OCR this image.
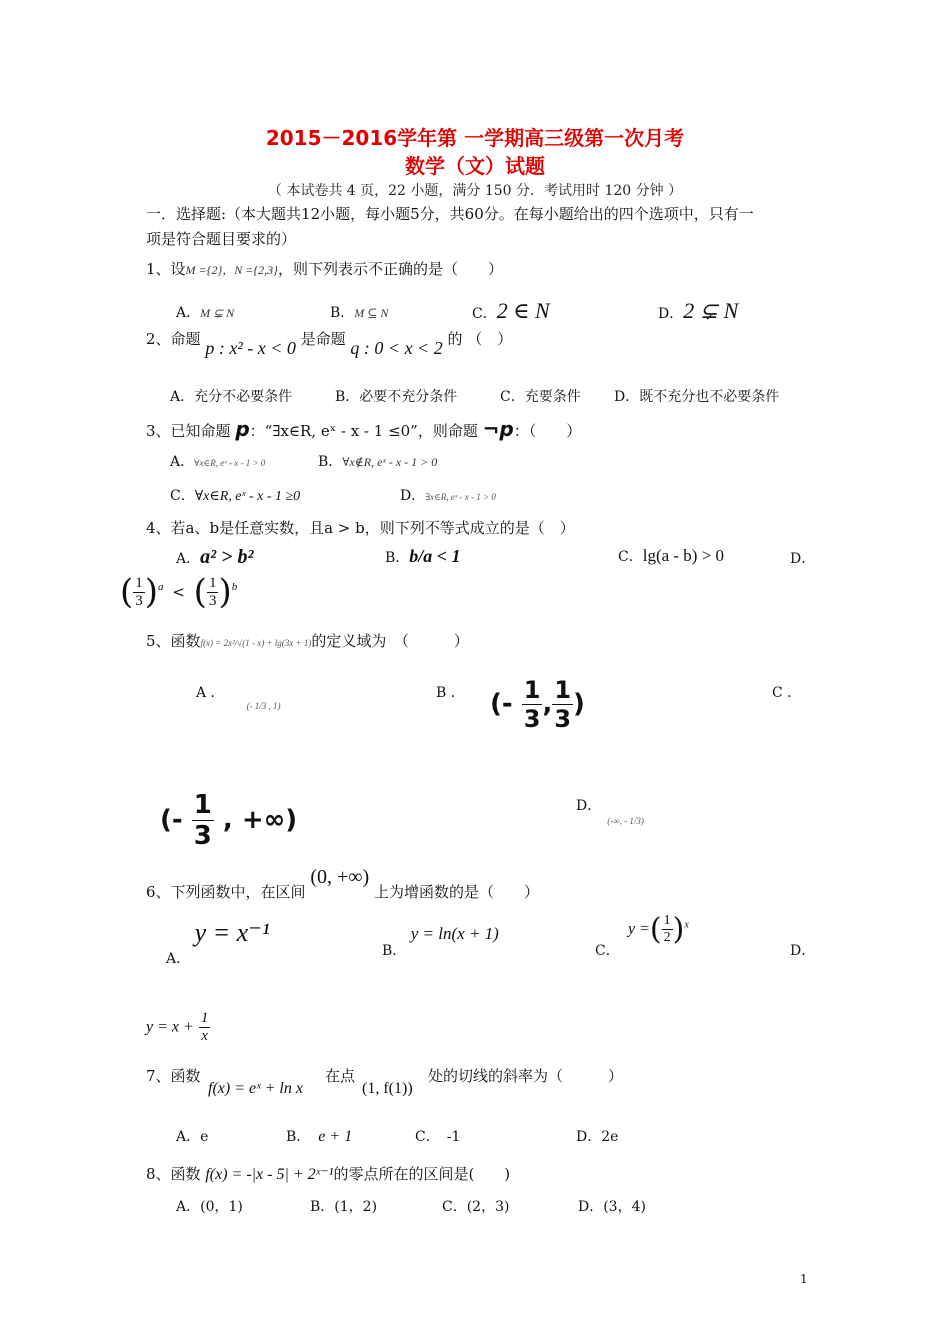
2015－2016学年第 一学期高三级第一次月考
数学（文）试题
（ 本试卷共 4 页，22 小题，满分 150 分．考试用时 120 分钟 ）
一．选择题:（本大题共12小题，每小题5分，共60分。在每小题给出的四个选项中，只有一
项是符合题目要求的）
1、设M ={2}，N ={2,3}，则下列表示不正确的是（　　）
A．M ⊊ N	B．M ⊆ N	C．2 ∈ N	D．2 ⊊ N
2、命题 p : x² - x < 0 是命题 q : 0 < x < 2 的 （　）
A．充分不必要条件	B．必要不充分条件	C．充要条件 D．既不充分也不必要条件
3、已知命题 p：“∃x∈R, eˣ - x - 1 ≤0”，则命题 ¬p：（　　）
A．∀x∈R, eˣ - x - 1 > 0	B．∀x∉R, eˣ - x - 1 > 0
C．∀x∈R, eˣ - x - 1 ≥0	D．∃x∈R, eˣ - x - 1 > 0
4、若a、b是任意实数，且a > b，则下列不等式成立的是（　）
A．a² > b²	B．b/a < 1	C．lg(a - b) > 0	D．
( $\frac{1}{3} )^a$ < ( $\frac{1}{3} )^b$
5、函数f(x) = 2x²/√(1 - x) + lg(3x + 1)的定义域为　（　　　）
A ．$_{(- 1/3 , 1)}$
B ． (- $\frac{1}{3}$ , $\frac{1}{3}$ )	C ．
(- $\frac{1}{3}$ , +∞)	D．$_{(-\infty, - 1/3)}$
6、下列函数中，在区间 (0, +∞) 上为增函数的是（　　）
A． y = x⁻¹
B． y = ln(x + 1)
C．
y =( $\frac{1}{2} )^x$
D．
$y = x + \frac{1}{x}$
7、函数
f(x) = eˣ + ln x
在点
(1, f(1))
处的切线的斜率为（　　　）
A．e	B． e + 1	C．　-1	D．2e
8、函数 f(x) = -|x - 5| + 2ˣ⁻¹的零点所在的区间是(　　)
A．(0，1)	B．(1，2)	C．(2，3)	D．(3，4)
1
